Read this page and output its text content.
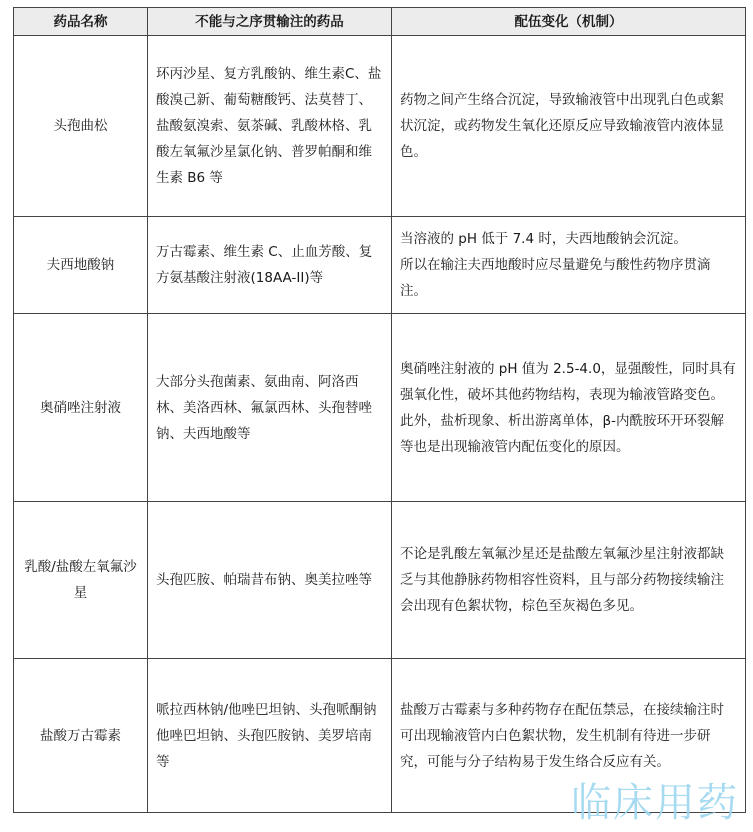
药品名称	不能与之序贯输注的药品	配伍变化（机制）
头孢曲松	环丙沙星、复方乳酸钠、维生素C、盐酸溴己新、葡萄糖酸钙、法莫替丁、盐酸氨溴索、氨茶碱、乳酸林格、乳酸左氧氟沙星氯化钠、普罗帕酮和维生素 B6 等	药物之间产生络合沉淀，导致输液管中出现乳白色或絮状沉淀，或药物发生氧化还原反应导致输液管内液体显色。

夫西地酸钠	万古霉素、维生素 C、止血芳酸、复方氨基酸注射液(18AA-II)等	当溶液的 pH 低于 7.4 时，夫西地酸钠会沉淀。

所以在输注夫西地酸时应尽量避免与酸性药物序贯滴注。

奥硝唑注射液	大部分头孢菌素、氨曲南、阿洛西林、美洛西林、氟氯西林、头孢替唑钠、夫西地酸等	奥硝唑注射液的 pH 值为 2.5-4.0，显强酸性，同时具有强氧化性，破坏其他药物结构，表现为输液管路变色。

此外，盐析现象、析出游离单体，β-内酰胺环开环裂解等也是出现输液管内配伍变化的原因。

乳酸/盐酸左氧氟沙星	头孢匹胺、帕瑞昔布钠、奥美拉唑等	不论是乳酸左氧氟沙星还是盐酸左氧氟沙星注射液都缺乏与其他静脉药物相容性资料，且与部分药物接续输注会出现有色絮状物，棕色至灰褐色多见。

盐酸万古霉素	哌拉西林钠/他唑巴坦钠、头孢哌酮钠他唑巴坦钠、头孢匹胺钠、美罗培南等	盐酸万古霉素与多种药物存在配伍禁忌，在接续输注时可出现输液管内白色絮状物，发生机制有待进一步研究，可能与分子结构易于发生络合反应有关。

临床用药
